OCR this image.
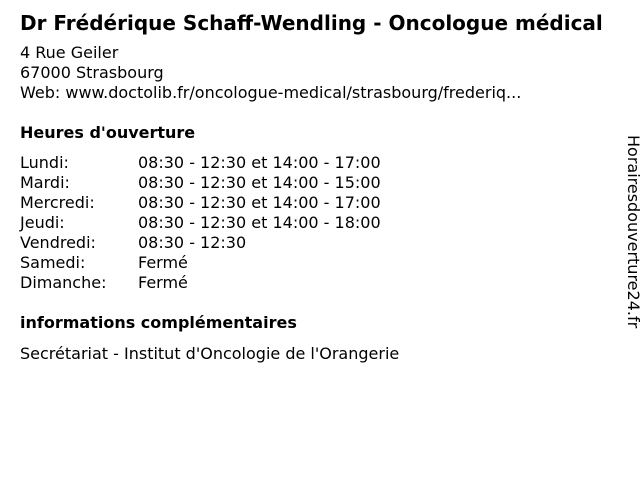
Dr Frédérique Schaff-Wendling - Oncologue médical
4 Rue Geiler
67000 Strasbourg
Web: www.doctolib.fr/oncologue-medical/strasbourg/frederiq...
Heures d'ouverture
Lundi:	08:30 - 12:30 et 14:00 - 17:00
Mardi:	08:30 - 12:30 et 14:00 - 15:00
Mercredi:	08:30 - 12:30 et 14:00 - 17:00
Jeudi:	08:30 - 12:30 et 14:00 - 18:00
Vendredi:	08:30 - 12:30
Samedi:	Fermé
Dimanche:	Fermé
informations complémentaires
Secrétariat - Institut d'Oncologie de l'Orangerie
Horairesdouverture24.fr
